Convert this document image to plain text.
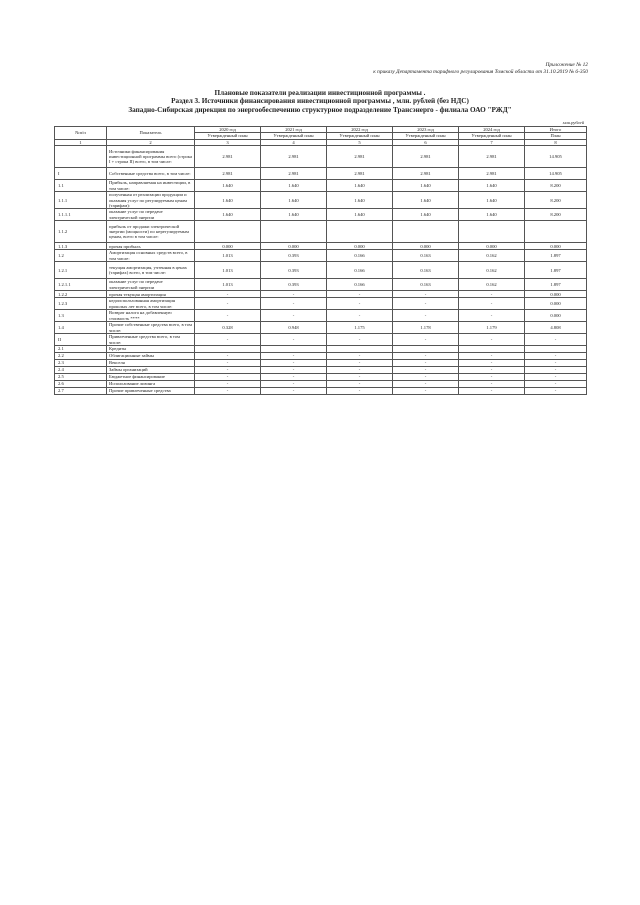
Приложение № 12
к приказу Департамента тарифного регулирования Томской области от 31.10.2019 № 6-350
Плановые показатели реализации инвестиционной программы .
Раздел 3. Источники финансирования инвестиционной программы , млн. рублей (без НДС)
Западно-Сибирская дирекция по энергообеспечению структурное подразделение Трансэнерго - филиала ОАО "РЖД"
млн.рублей
№п/п	Показатель	2020 год	2021 год	2022 год	2023 год	2024 год	Итого
		Утвержденный план	Утвержденный план	Утвержденный план	Утвержденный план	Утвержденный план	План
1	2	3	4	5	6	7	8
	Источники финансирования инвестиционной программы всего (строка I + строка II) всего, в том числе:	2.981	2.981	2.981	2.981	2.981	14.905
I	Собственные средства всего, в том числе:	2.981	2.981	2.981	2.981	2.981	14.905
1.1	Прибыль, направляемая на инвестиции, в том числе:	1.640	1.640	1.640	1.640	1.640	8.200
1.1.1	полученная от реализации продукции и оказания услуг по регулируемым ценам (тарифам):	1.640	1.640	1.640	1.640	1.640	8.200
1.1.1.1	оказание услуг по передаче электрической энергии	1.640	1.640	1.640	1.640	1.640	8.200
1.1.2	прибыль от продажи электрической энергии (мощности) по нерегулируемым ценам, всего в том числе:						
1.1.3	прочая прибыль	0.000	0.000	0.000	0.000	0.000	0.000
1.2	Амортизация основных средств всего, в том числе:	1.013	0.393	0.166	0.163	0.162	1.897
1.2.1	текущая амортизация, учтенная в ценах (тарифах) всего, в том числе:	1.013	0.393	0.166	0.163	0.162	1.897
1.2.1.1	оказание услуг по передаче электрической энергии	1.013	0.393	0.166	0.163	0.162	1.897
1.2.2	прочая текущая амортизация	-	-	-	-	-	0.000
1.2.3	недоиспользованная амортизация прошлых лет всего, в том числе:	-	-	-	-	-	0.000
1.3	Возврат налога на добавленную стоимость ****	-	-	-	-	-	0.000
1.4	Прочие собственные средства всего, в том числе:	0.328	0.948	1.175	1.178	1.179	4.808
II	Привлеченные средства всего, в том числе:	-	-	-	-	-	-
2.1	Кредиты						
2.2	Облигационные займы	-	-	-	-	-	-
2.3	Векселя	-	-	-	-	-	-
2.4	Займы организаций	-	-	-	-	-	-
2.5	Бюджетное финансирование	-	-	-	-	-	-
2.6	Использование лизинга	-	-	-	-	-	-
2.7	Прочие привлеченные средства	-	-	-	-	-	-
